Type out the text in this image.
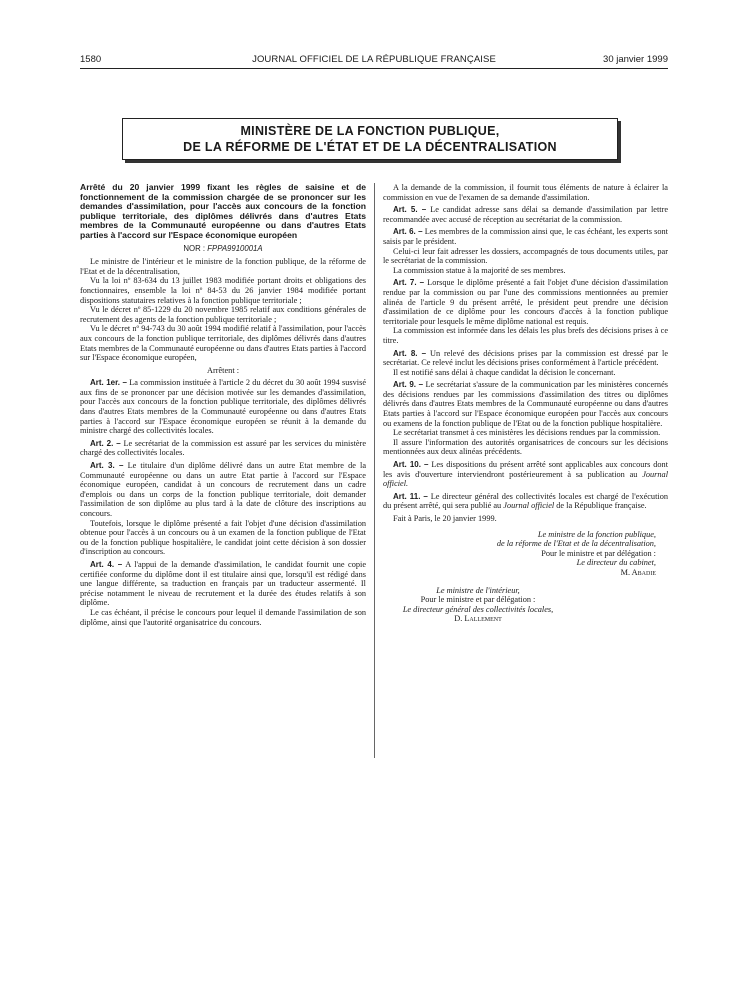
1580	JOURNAL OFFICIEL DE LA RÉPUBLIQUE FRANÇAISE	30 janvier 1999
MINISTÈRE DE LA FONCTION PUBLIQUE,
DE LA RÉFORME DE L'ÉTAT ET DE LA DÉCENTRALISATION
Arrêté du 20 janvier 1999 fixant les règles de saisine et de fonctionnement de la commission chargée de se prononcer sur les demandes d'assimilation, pour l'accès aux concours de la fonction publique territoriale, des diplômes délivrés dans d'autres Etats membres de la Communauté européenne ou dans d'autres Etats parties à l'accord sur l'Espace économique européen
NOR : FPPA9910001A

Le ministre de l'intérieur et le ministre de la fonction publique, de la réforme de l'Etat et de la décentralisation,

Vu la loi nº 83-634 du 13 juillet 1983 modifiée portant droits et obligations des fonctionnaires, ensemble la loi nº 84-53 du 26 janvier 1984 modifiée portant dispositions statutaires relatives à la fonction publique territoriale ;

Vu le décret nº 85-1229 du 20 novembre 1985 relatif aux conditions générales de recrutement des agents de la fonction publique territoriale ;

Vu le décret nº 94-743 du 30 août 1994 modifié relatif à l'assimilation, pour l'accès aux concours de la fonction publique territoriale, des diplômes délivrés dans d'autres Etats membres de la Communauté européenne ou dans d'autres Etats parties à l'accord sur l'Espace économique européen,

Arrêtent :

Art. 1er. – La commission instituée à l'article 2 du décret du 30 août 1994 susvisé aux fins de se prononcer par une décision motivée sur les demandes d'assimilation, pour l'accès aux concours de la fonction publique territoriale, des diplômes délivrés dans d'autres Etats membres de la Communauté européenne ou dans d'autres Etats parties à l'accord sur l'Espace économique européen se réunit à la demande du ministre chargé des collectivités locales.

Art. 2. – Le secrétariat de la commission est assuré par les services du ministère chargé des collectivités locales.

Art. 3. – Le titulaire d'un diplôme délivré dans un autre Etat membre de la Communauté européenne ou dans un autre Etat partie à l'accord sur l'Espace économique européen, candidat à un concours de recrutement dans un cadre d'emplois ou dans un corps de la fonction publique territoriale, doit demander l'assimilation de son diplôme au plus tard à la date de clôture des inscriptions au concours.

Toutefois, lorsque le diplôme présenté a fait l'objet d'une décision d'assimilation obtenue pour l'accès à un concours ou à un examen de la fonction publique de l'Etat ou de la fonction publique hospitalière, le candidat joint cette décision à son dossier d'inscription au concours.

Art. 4. – A l'appui de la demande d'assimilation, le candidat fournit une copie certifiée conforme du diplôme dont il est titulaire ainsi que, lorsqu'il est rédigé dans une langue différente, sa traduction en français par un traducteur assermenté. Il précise notamment le niveau de recrutement et la durée des études relatifs à son diplôme.

Le cas échéant, il précise le concours pour lequel il demande l'assimilation de son diplôme, ainsi que l'autorité organisatrice du concours.

A la demande de la commission, il fournit tous éléments de nature à éclairer la commission en vue de l'examen de sa demande d'assimilation.

Art. 5. – Le candidat adresse sans délai sa demande d'assimilation par lettre recommandée avec accusé de réception au secrétariat de la commission.

Art. 6. – Les membres de la commission ainsi que, le cas échéant, les experts sont saisis par le président.

Celui-ci leur fait adresser les dossiers, accompagnés de tous documents utiles, par le secrétariat de la commission.

La commission statue à la majorité de ses membres.

Art. 7. – Lorsque le diplôme présenté a fait l'objet d'une décision d'assimilation rendue par la commission ou par l'une des commissions mentionnées au premier alinéa de l'article 9 du présent arrêté, le président peut prendre une décision d'assimilation de ce diplôme pour les concours d'accès à la fonction publique territoriale pour lesquels le même diplôme national est requis.

La commission est informée dans les délais les plus brefs des décisions prises à ce titre.

Art. 8. – Un relevé des décisions prises par la commission est dressé par le secrétariat. Ce relevé inclut les décisions prises conformément à l'article précédent.

Il est notifié sans délai à chaque candidat la décision le concernant.

Art. 9. – Le secrétariat s'assure de la communication par les ministères concernés des décisions rendues par les commissions d'assimilation des titres ou diplômes délivrés dans d'autres Etats membres de la Communauté européenne ou dans d'autres Etats parties à l'accord sur l'Espace économique européen pour l'accès aux concours ou examens de la fonction publique de l'Etat ou de la fonction publique hospitalière.

Le secrétariat transmet à ces ministères les décisions rendues par la commission.

Il assure l'information des autorités organisatrices de concours sur les décisions mentionnées aux deux alinéas précédents.

Art. 10. – Les dispositions du présent arrêté sont applicables aux concours dont les avis d'ouverture interviendront postérieurement à sa publication au Journal officiel.

Art. 11. – Le directeur général des collectivités locales est chargé de l'exécution du présent arrêté, qui sera publié au Journal officiel de la République française.

Fait à Paris, le 20 janvier 1999.

Le ministre de la fonction publique,

de la réforme de l'Etat et de la décentralisation,

Pour le ministre et par délégation :

Le directeur du cabinet,

M. Abadie

Le ministre de l'intérieur,

Pour le ministre et par délégation :

Le directeur général des collectivités locales,

D. Lallement
